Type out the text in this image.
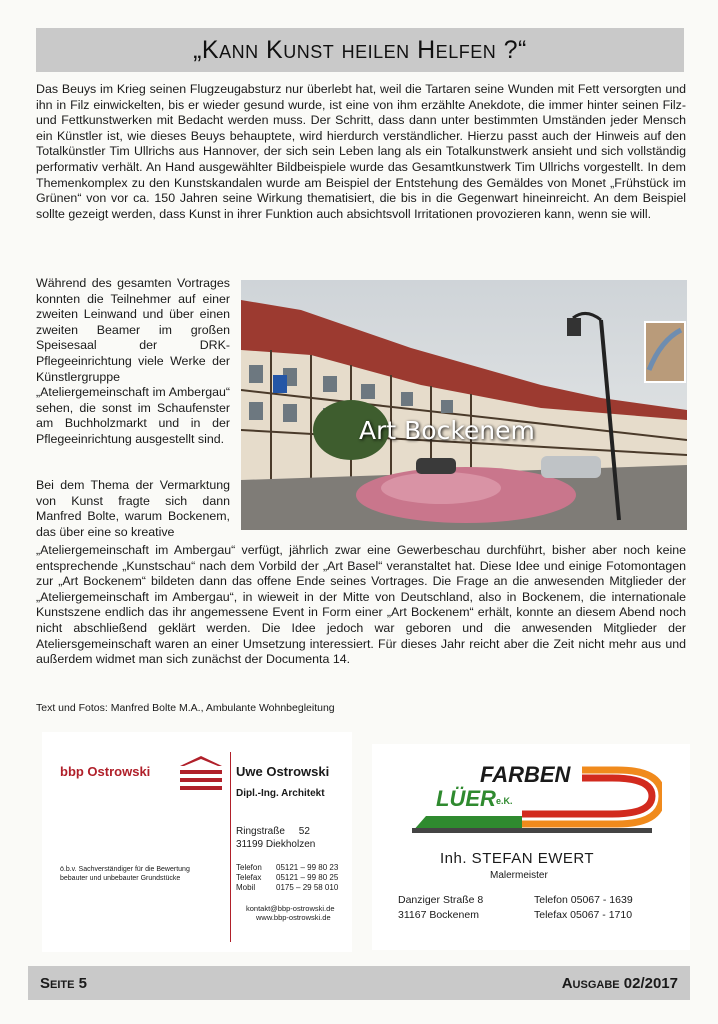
„Kann Kunst heilen Helfen ?“

Das Beuys im Krieg seinen Flugzeugabsturz nur überlebt hat, weil die Tartaren seine Wunden mit Fett versorgten und ihn in Filz einwickelten, bis er wieder gesund wurde, ist eine von ihm erzählte Anekdote, die immer hinter seinen Filz- und Fettkunstwerken mit Bedacht werden muss. Der Schritt, dass dann unter bestimmten Umständen jeder Mensch ein Künstler ist, wie dieses Beuys behauptete, wird hierdurch verständlicher. Hierzu passt auch der Hinweis auf den Totalkünstler Tim Ullrichs aus Hannover, der sich sein Leben lang als ein Totalkunstwerk ansieht und sich vollständig performativ verhält. An Hand ausgewählter Bildbeispiele wurde das Gesamtkunstwerk Tim Ullrichs vorgestellt. In dem Themenkomplex zu den Kunstskandalen wurde am Beispiel der Entstehung des Gemäldes von Monet „Frühstück im Grünen“ von vor ca. 150 Jahren seine Wirkung thematisiert, die bis in die Gegenwart hineinreicht. An dem Beispiel sollte gezeigt werden, dass Kunst in ihrer Funktion auch absichtsvoll Irritationen provozieren kann, wenn sie will.

Während des gesamten Vortrages konnten die Teilnehmer auf einer zweiten Leinwand und über einen zweiten Beamer im großen Speisesaal der DRK-Pflegeeinrichtung viele Werke der Künstlergruppe „Ateliergemeinschaft im Ambergau“ sehen, die sonst im Schaufenster am Buchholzmarkt und in der Pflegeeinrichtung ausgestellt sind.

Bei dem Thema der Vermarktung von Kunst fragte sich dann Manfred Bolte, warum Bockenem, das über eine so kreative

Art Bockenem

„Ateliergemeinschaft im Ambergau“ verfügt, jährlich zwar eine Gewerbeschau durchführt, bisher aber noch keine entsprechende „Kunstschau“ nach dem Vorbild der „Art Basel“ veranstaltet hat. Diese Idee und einige Fotomontagen zur „Art Bockenem“ bildeten dann das offene Ende seines Vortrages. Die Frage an die anwesenden Mitglieder der „Ateliergemeinschaft im Ambergau“, in wieweit in der Mitte von Deutschland, also in Bockenem, die internationale Kunstszene endlich das ihr angemessene Event in Form einer „Art Bockenem“ erhält, konnte an diesem Abend noch nicht abschließend geklärt werden. Die Idee jedoch war geboren und die anwesenden Mitglieder der Ateliersgemeinschaft waren an einer Umsetzung interessiert. Für dieses Jahr reicht aber die Zeit nicht mehr aus und außerdem widmet man sich zunächst der Documenta 14.

Text und Fotos: Manfred Bolte M.A., Ambulante Wohnbegleitung
bbp Ostrowski	Uwe Ostrowski
Dipl.-Ing. Architekt
Ringstraße     52
31199 Diekholzen
ö.b.v. Sachverständiger für die Bewertung
bebauter und unbebauter Grundstücke
Telefon 05121 – 99 80 23
Telefax 05121 – 99 80 25
Mobil	0175 – 29 58 010
kontakt@bbp-ostrowski.de
www.bbp-ostrowski.de
FARBEN
LÜER e.K.
Inh. STEFAN EWERT
Malermeister
Danziger Straße 8
31167 Bockenem
Telefon 05067 - 1639
Telefax 05067 - 1710
Seite 5	Ausgabe 02/2017
